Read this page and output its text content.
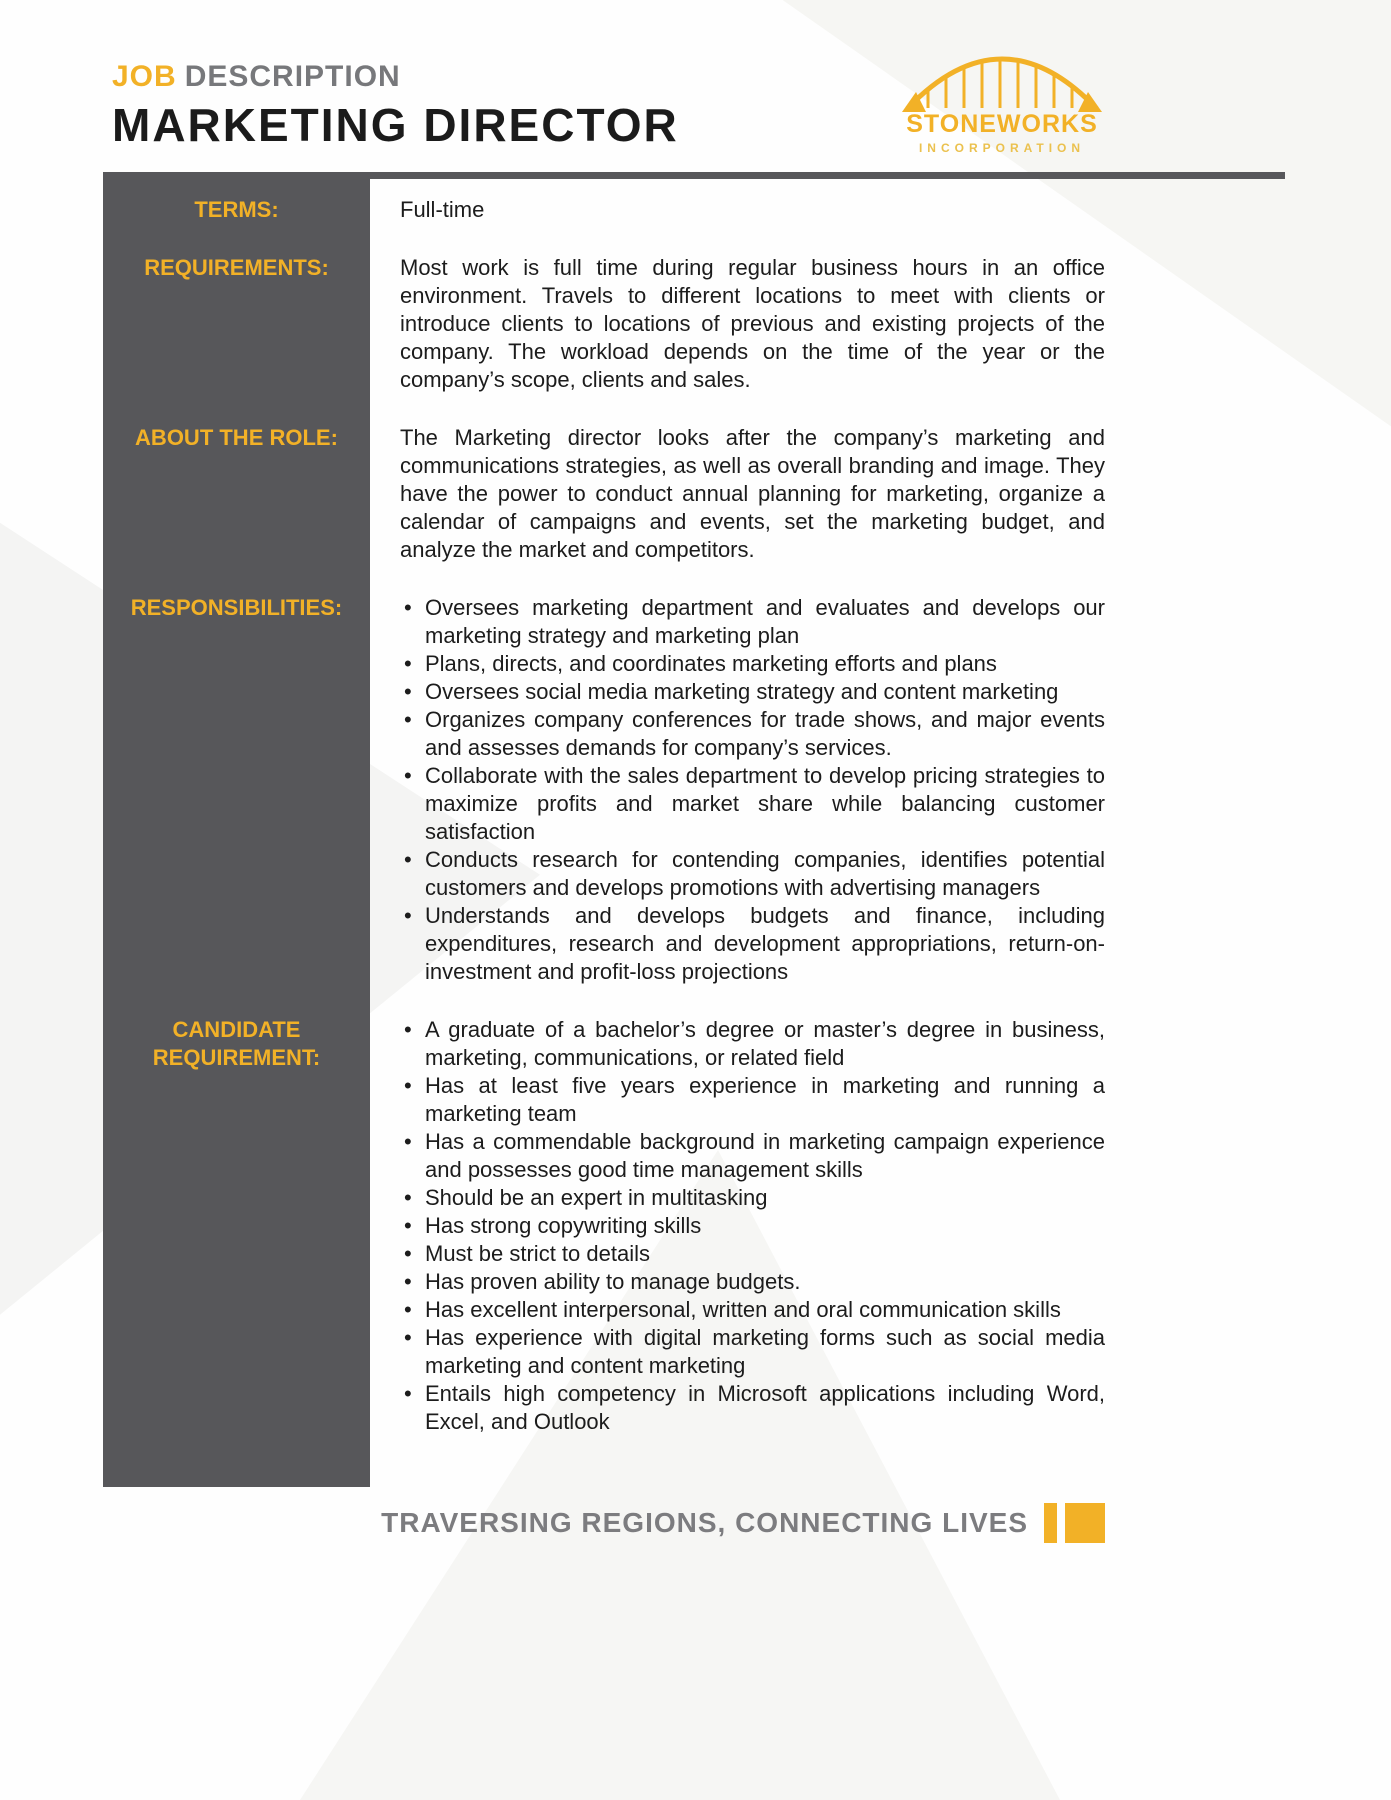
JOB DESCRIPTION
MARKETING DIRECTOR	STONEWORKS
INCORPORATION
TERMS:	Full-time
REQUIREMENTS:	Most work is full time during regular business hours in an office environment. Travels to different locations to meet with clients or introduce clients to locations of previous and existing projects of the company. The workload depends on the time of the year or the company’s scope, clients and sales.
ABOUT THE ROLE:	The Marketing director looks after the company’s marketing and communications strategies, as well as overall branding and image. They have the power to conduct annual planning for marketing, organize a calendar of campaigns and events, set the marketing budget, and analyze the market and competitors.
RESPONSIBILITIES:	• Oversees marketing department and evaluates and develops our marketing strategy and marketing plan
• Plans, directs, and coordinates marketing efforts and plans
• Oversees social media marketing strategy and content marketing
• Organizes company conferences for trade shows, and major events and assesses demands for company’s services.
• Collaborate with the sales department to develop pricing strategies to maximize profits and market share while balancing customer satisfaction
• Conducts research for contending companies, identifies potential customers and develops promotions with advertising managers
• Understands and develops budgets and finance, including expenditures, research and development appropriations, return-on-investment and profit-loss projections
CANDIDATE REQUIREMENT:
• A graduate of a bachelor’s degree or master’s degree in business, marketing, communications, or related field
• Has at least five years experience in marketing and running a marketing team
• Has a commendable background in marketing campaign experience and possesses good time management skills
• Should be an expert in multitasking
• Has strong copywriting skills
• Must be strict to details
• Has proven ability to manage budgets.
• Has excellent interpersonal, written and oral communication skills
• Has experience with digital marketing forms such as social media marketing and content marketing
• Entails high competency in Microsoft applications including Word, Excel, and Outlook
TRAVERSING REGIONS, CONNECTING LIVES
